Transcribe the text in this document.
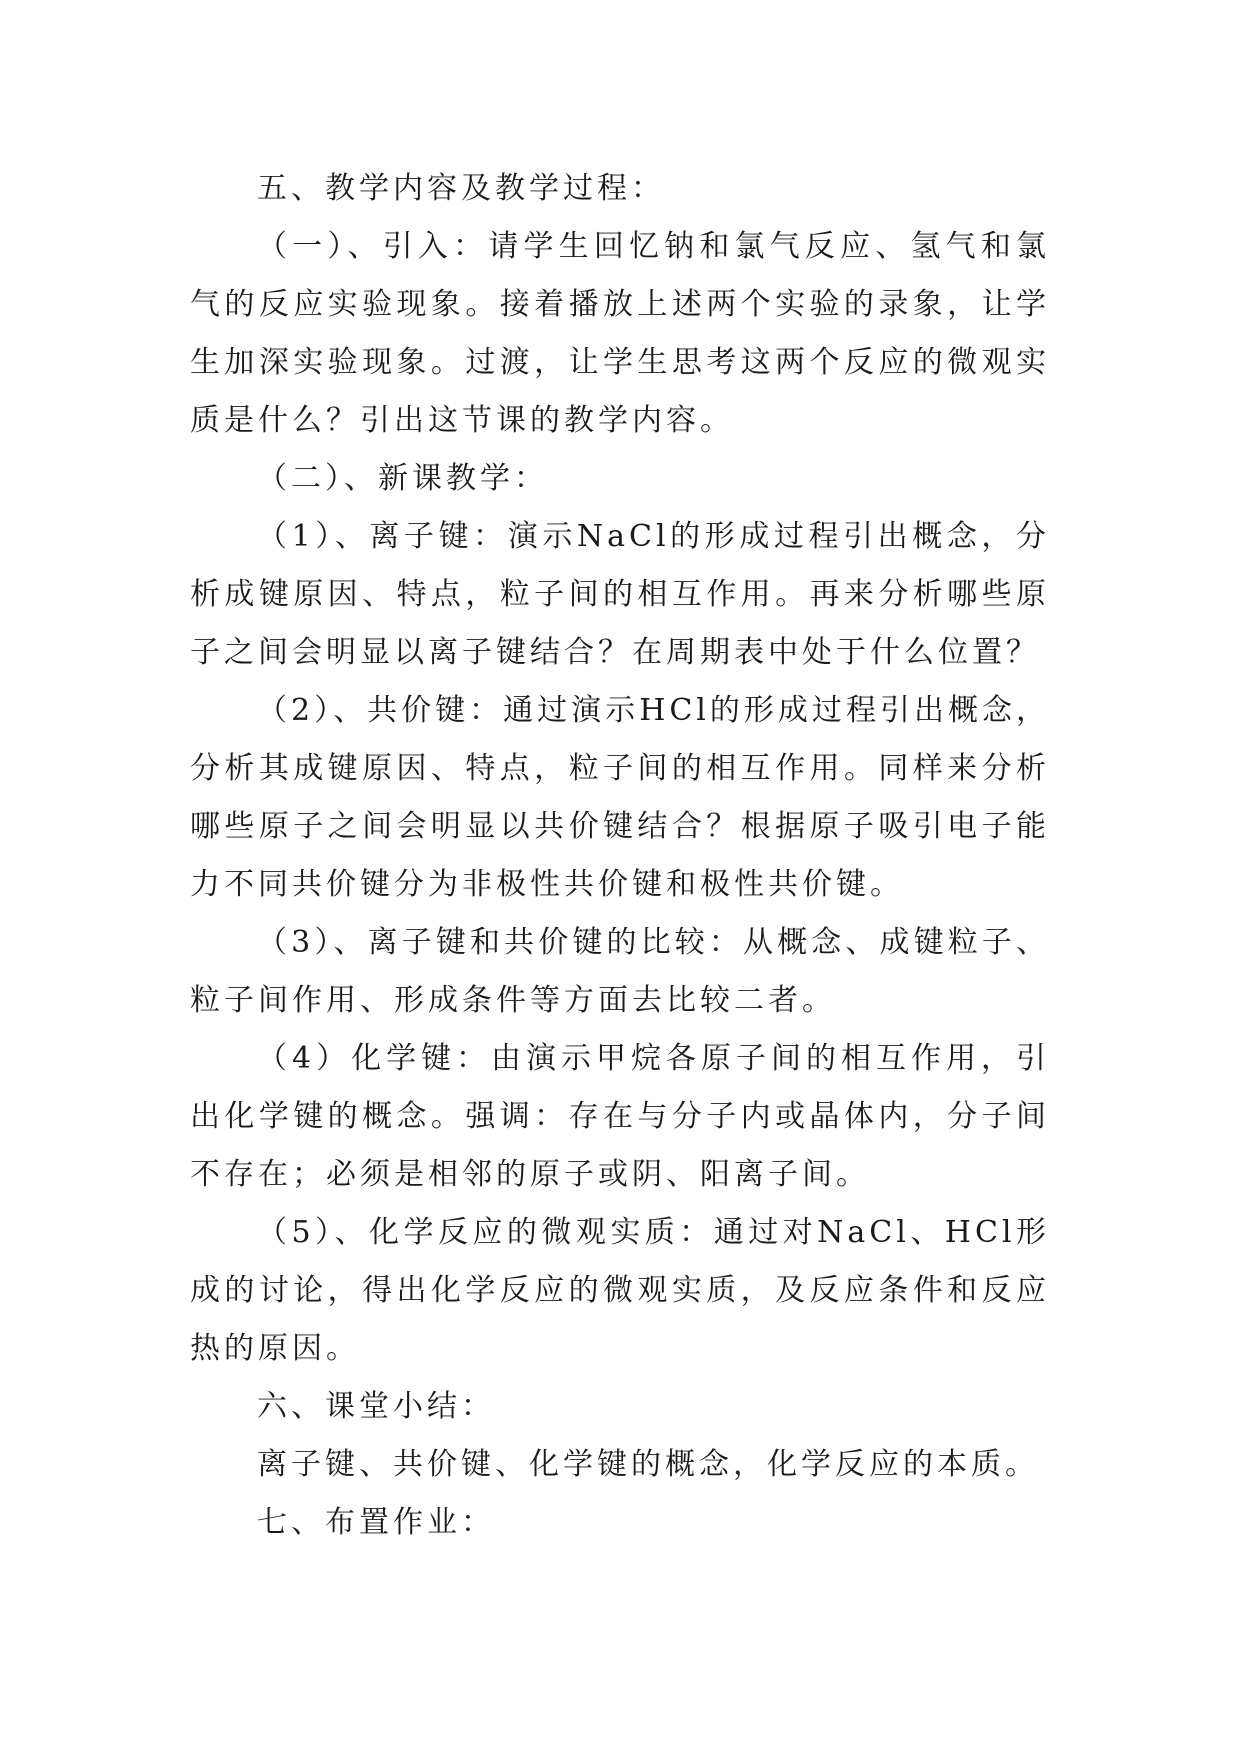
五、教学内容及教学过程：

（一）、引入：请学生回忆钠和氯气反应、氢气和氯气的反应实验现象。接着播放上述两个实验的录象，让学生加深实验现象。过渡，让学生思考这两个反应的微观实质是什么？引出这节课的教学内容。

（二）、新课教学：

（1）、离子键：演示NaCl的形成过程引出概念，分析成键原因、特点，粒子间的相互作用。再来分析哪些原子之间会明显以离子键结合？在周期表中处于什么位置？

（2）、共价键：通过演示HCl的形成过程引出概念，分析其成键原因、特点，粒子间的相互作用。同样来分析哪些原子之间会明显以共价键结合？根据原子吸引电子能力不同共价键分为非极性共价键和极性共价键。

（3）、离子键和共价键的比较：从概念、成键粒子、粒子间作用、形成条件等方面去比较二者。

（4）化学键：由演示甲烷各原子间的相互作用，引出化学键的概念。强调：存在与分子内或晶体内，分子间不存在；必须是相邻的原子或阴、阳离子间。

（5）、化学反应的微观实质：通过对NaCl、HCl形成的讨论，得出化学反应的微观实质，及反应条件和反应热的原因。

六、课堂小结：

离子键、共价键、化学键的概念，化学反应的本质。

七、布置作业：
